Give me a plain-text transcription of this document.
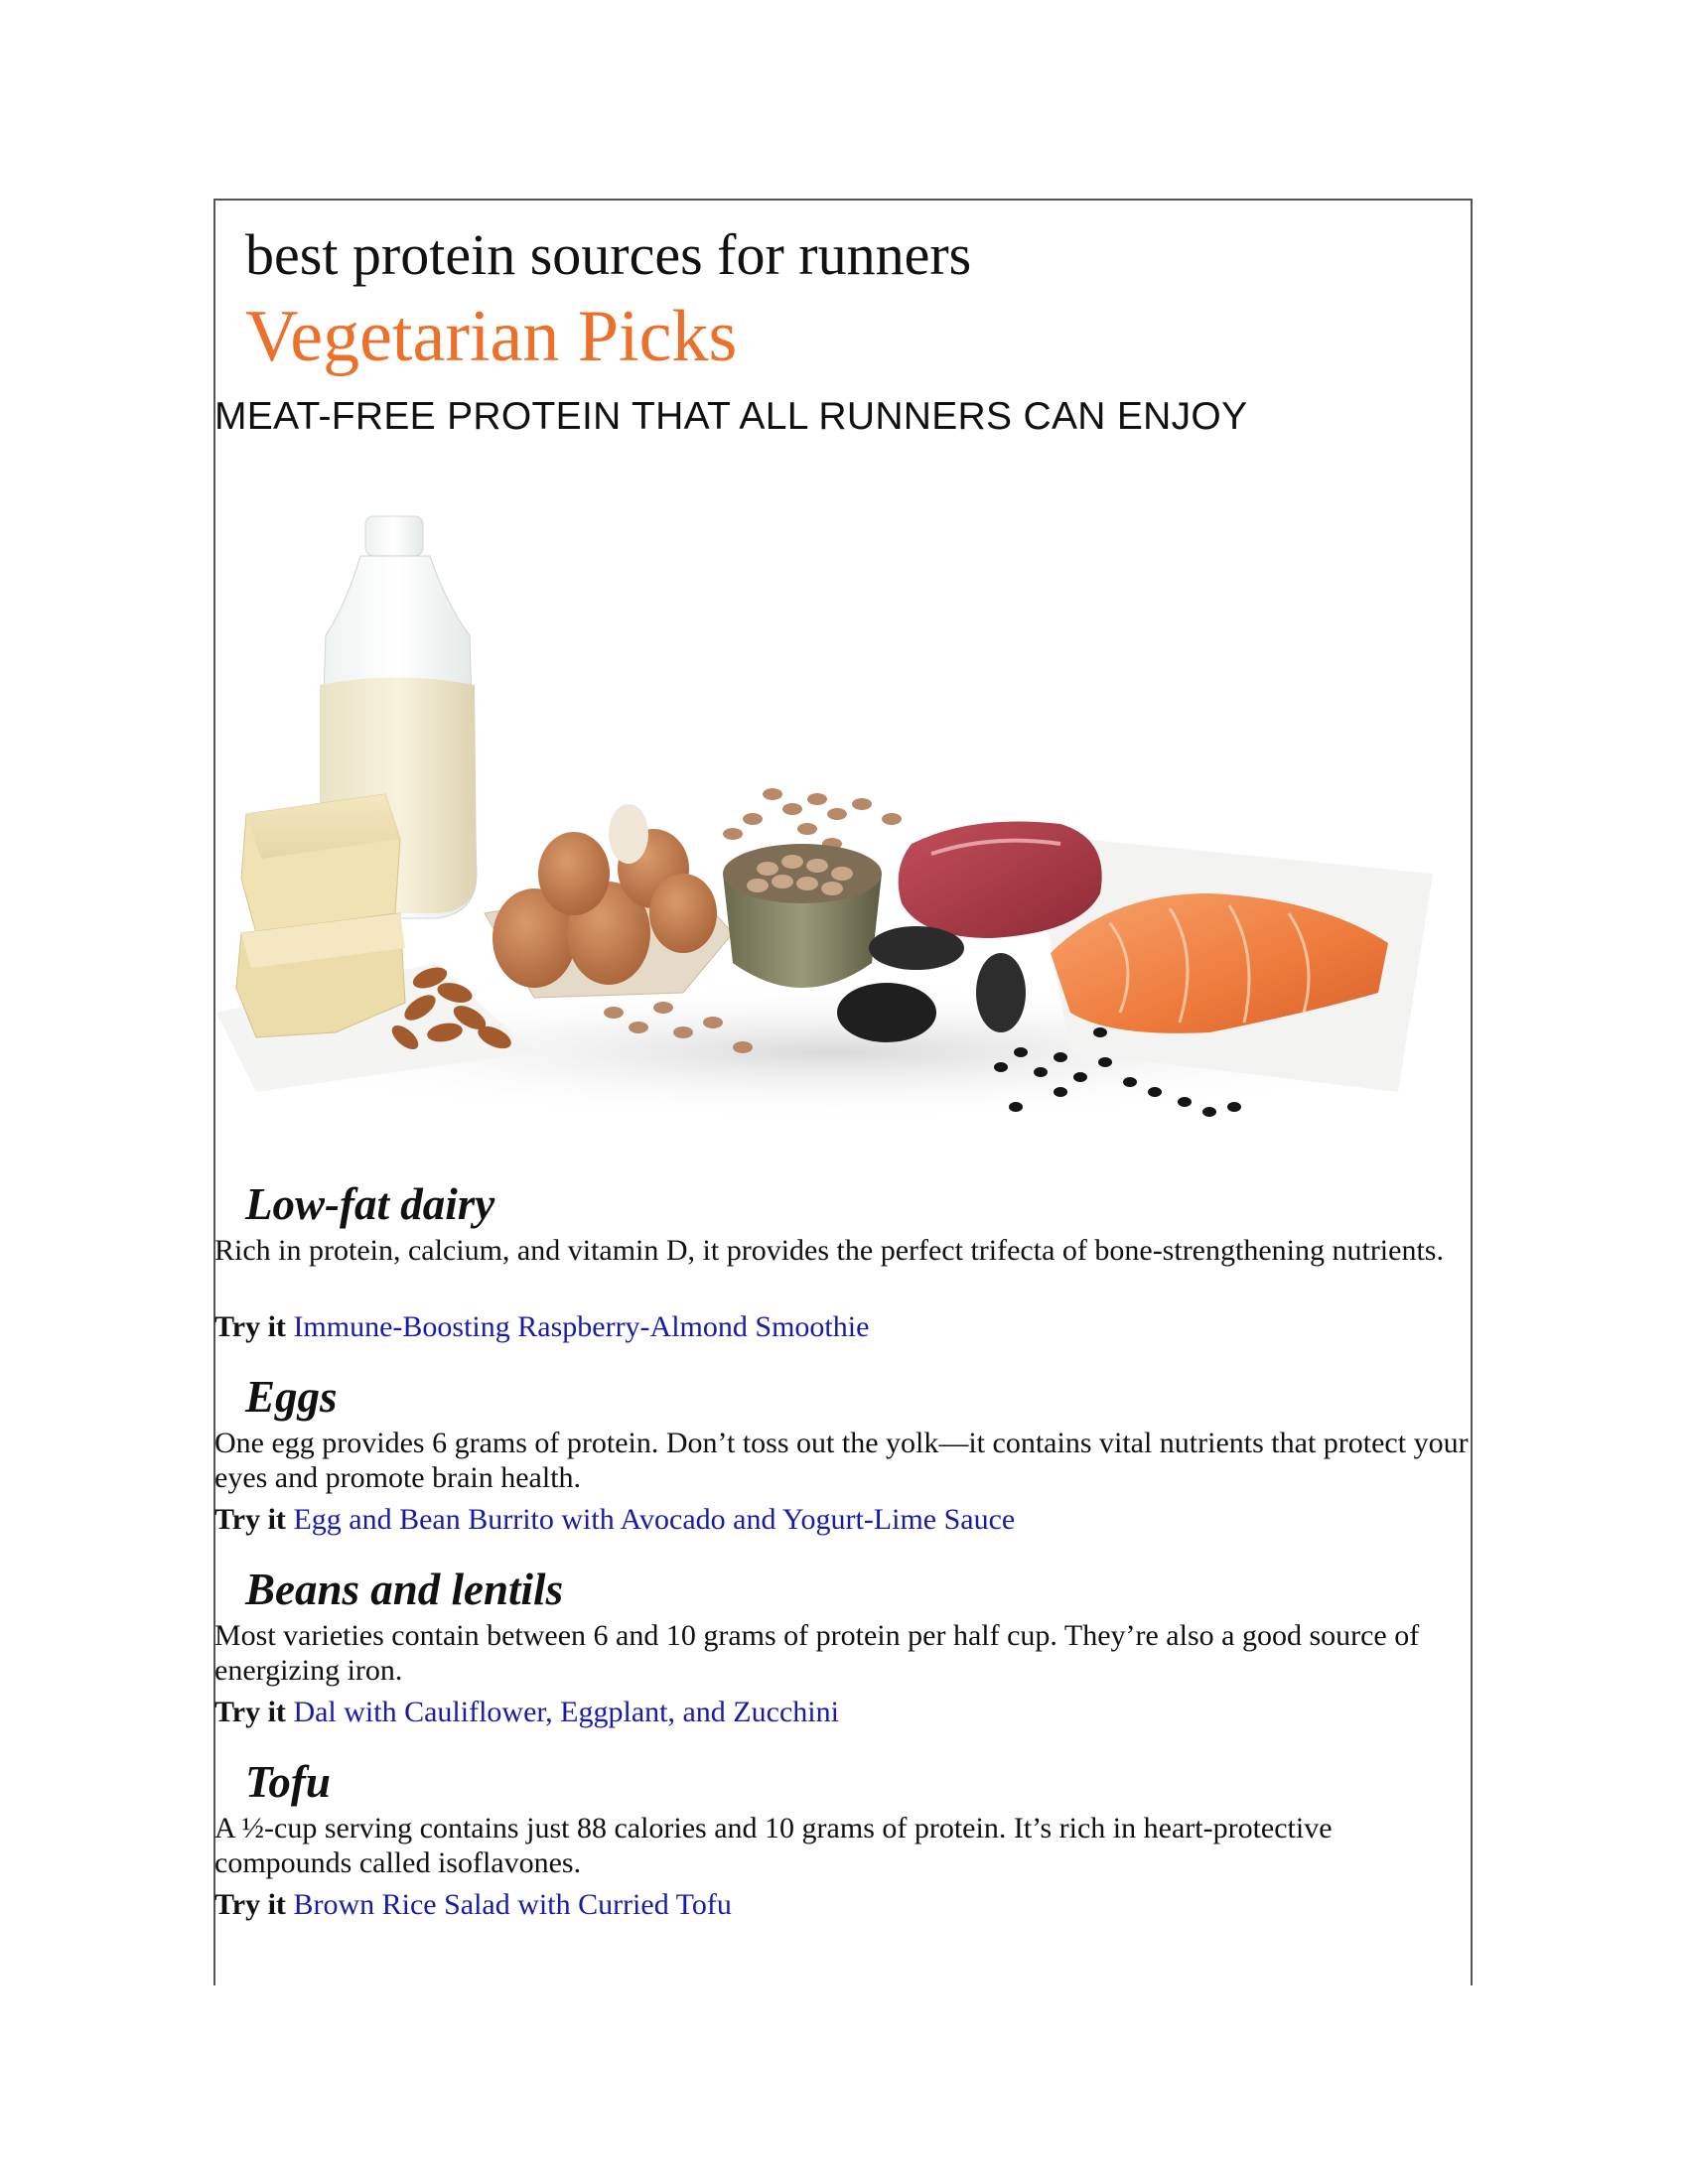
best protein sources for runners
Vegetarian Picks
MEAT-FREE PROTEIN THAT ALL RUNNERS CAN ENJOY
Low-fat dairy
Rich in protein, calcium, and vitamin D, it provides the perfect trifecta of bone-strengthening nutrients.
Try it Immune-Boosting Raspberry-Almond Smoothie
Eggs
One egg provides 6 grams of protein. Don’t toss out the yolk—it contains vital nutrients that protect your eyes and promote brain health.
Try it Egg and Bean Burrito with Avocado and Yogurt-Lime Sauce
Beans and lentils
Most varieties contain between 6 and 10 grams of protein per half cup. They’re also a good source of energizing iron.
Try it Dal with Cauliflower, Eggplant, and Zucchini
Tofu
A ½-cup serving contains just 88 calories and 10 grams of protein. It’s rich in heart-protective compounds called isoflavones.
Try it Brown Rice Salad with Curried Tofu
